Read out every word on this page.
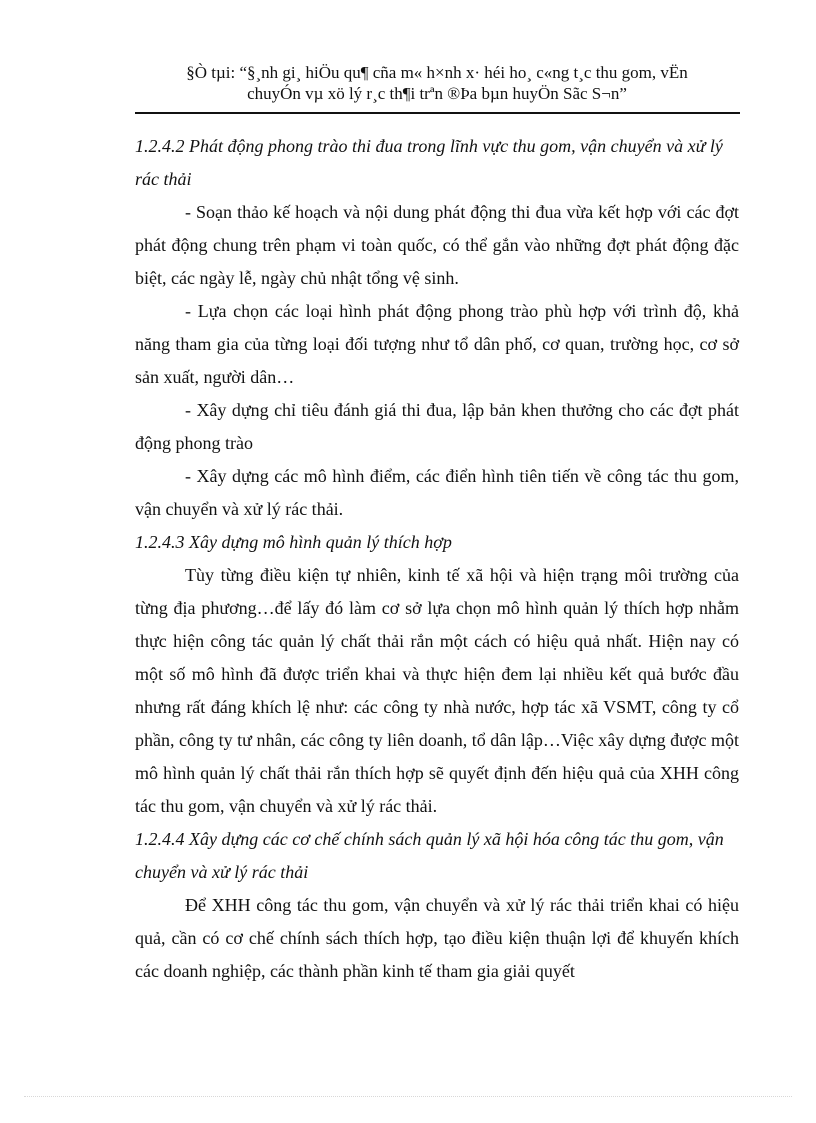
§Ò tµi: “§¸nh gi¸ hiÖu qu¶ cña m« h×nh x· héi ho¸ c«ng t¸c thu gom, vËn
chuyÓn vµ xö lý r¸c th¶i trªn ®Þa bµn huyÖn Sãc S¬n”

1.2.4.2 Phát động phong trào thi đua trong lĩnh vực thu gom, vận chuyển và xử lý rác thải

- Soạn thảo kế hoạch và nội dung phát động thi đua vừa kết hợp với các đợt phát động chung trên phạm vi toàn quốc, có thể gắn vào những đợt phát động đặc biệt, các ngày lễ, ngày chủ nhật tổng vệ sinh.

- Lựa chọn các loại hình phát động phong trào phù hợp với trình độ, khả năng tham gia của từng loại đối tượng như tổ dân phố, cơ quan, trường học, cơ sở sản xuất, người dân…

- Xây dựng chỉ tiêu đánh giá thi đua, lập bản khen thưởng cho các đợt phát động phong trào

- Xây dựng các mô hình điểm, các điển hình tiên tiến về công tác thu gom, vận chuyển và xử lý rác thải.

1.2.4.3 Xây dựng mô hình quản lý thích hợp

Tùy từng điều kiện tự nhiên, kinh tế xã hội và hiện trạng môi trường của từng địa phương…để lấy đó làm cơ sở lựa chọn mô hình quản lý thích hợp nhằm thực hiện công tác quản lý chất thải rắn một cách có hiệu quả nhất. Hiện nay có một số mô hình đã được triển khai và thực hiện đem lại nhiều kết quả bước đầu nhưng rất đáng khích lệ như: các công ty nhà nước, hợp tác xã VSMT, công ty cổ phần, công ty tư nhân, các công ty liên doanh, tổ dân lập…Việc xây dựng được một mô hình quản lý chất thải rắn thích hợp sẽ quyết định đến hiệu quả của XHH công tác thu gom, vận chuyển và xử lý rác thải.

1.2.4.4 Xây dựng các cơ chế chính sách quản lý xã hội hóa công tác thu gom, vận chuyển và xử lý rác thải

Để XHH công tác thu gom, vận chuyển và xử lý rác thải triển khai có hiệu quả, cần có cơ chế chính sách thích hợp, tạo điều kiện thuận lợi để khuyến khích các doanh nghiệp, các thành phần kinh tế tham gia giải quyết
